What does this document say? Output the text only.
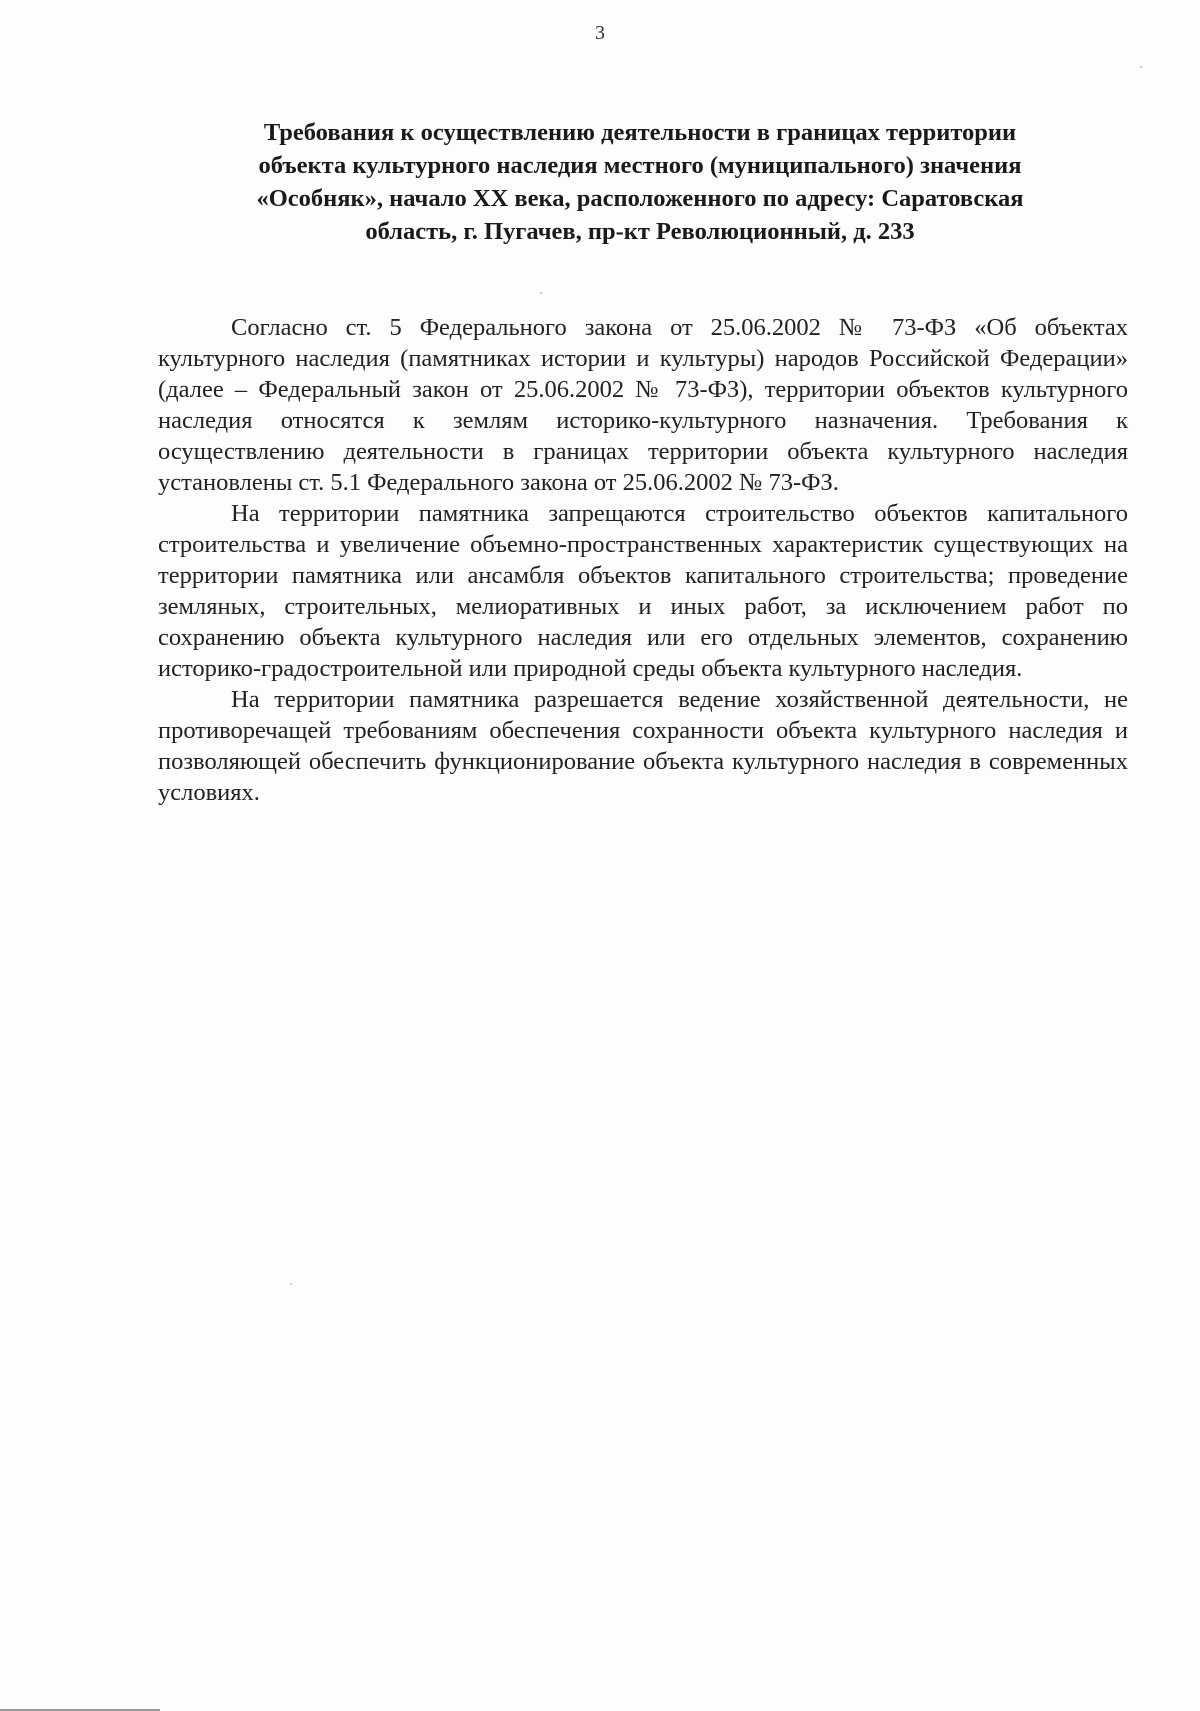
3
Требования к осуществлению деятельности в границах территории
объекта культурного наследия местного (муниципального) значения
«Особняк», начало XX века, расположенного по адресу: Саратовская
область, г. Пугачев, пр-кт Революционный, д. 233

Согласно ст. 5 Федерального закона от 25.06.2002 № 73-ФЗ «Об объектах культурного наследия (памятниках истории и культуры) народов Российской Федерации» (далее – Федеральный закон от 25.06.2002 № 73-ФЗ), территории объектов культурного наследия относятся к землям историко-культурного назначения. Требования к осуществлению деятельности в границах территории объекта культурного наследия установлены ст. 5.1 Федерального закона от 25.06.2002 № 73-ФЗ.

На территории памятника запрещаются строительство объектов капитального строительства и увеличение объемно-пространственных характеристик существующих на территории памятника или ансамбля объектов капитального строительства; проведение земляных, строительных, мелиоративных и иных работ, за исключением работ по сохранению объекта культурного наследия или его отдельных элементов, сохранению историко-градостроительной или природной среды объекта культурного наследия.

На территории памятника разрешается ведение хозяйственной деятельности, не противоречащей требованиям обеспечения сохранности объекта культурного наследия и позволяющей обеспечить функционирование объекта культурного наследия в современных условиях.
